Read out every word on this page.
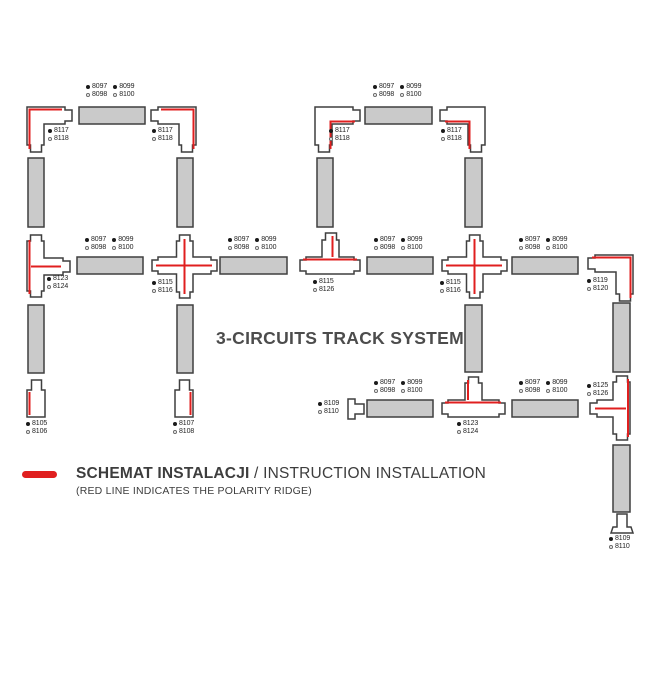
8097
8098
8099
8100
8097
8098
8099
8100
8097
8098
8099
8100
8097
8098
8099
8100
8097
8098
8099
8100
8097
8098
8099
8100
8097
8098
8099
8100
8097
8098
8099
8100
8117
8118
8117
8118
8117
8118
8117
8118
8123
8124
8115
8116
8115
8126
8115
8116
8119
8120
8105
8106
8107
8108
8109
8110
8123
8124
8125
8126
8109
8110
3-CIRCUITS TRACK SYSTEM
SCHEMAT INSTALACJI / INSTRUCTION INSTALLATION
(RED LINE INDICATES THE POLARITY RIDGE)
